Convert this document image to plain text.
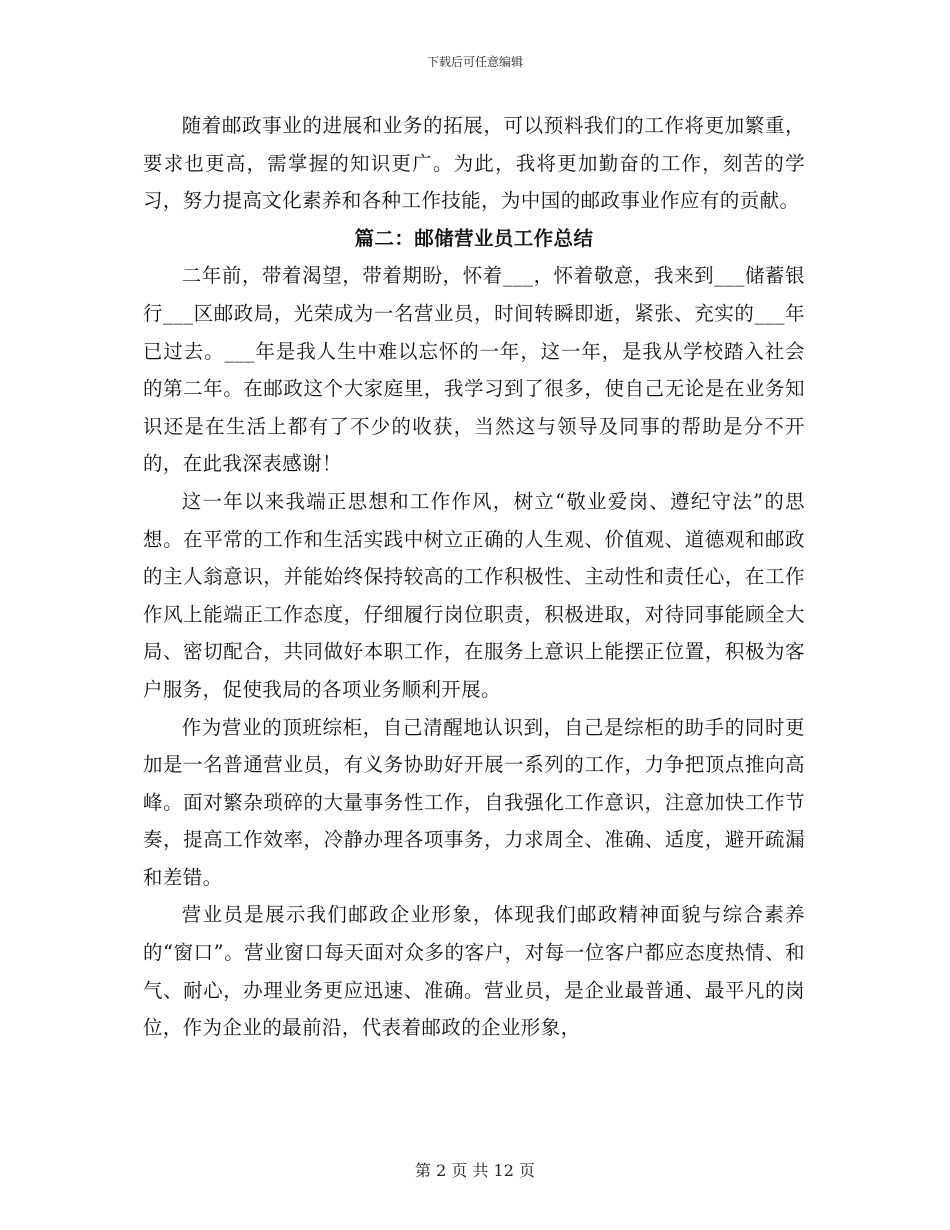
下载后可任意编辑

随着邮政事业的进展和业务的拓展，可以预料我们的工作将更加繁重，要求也更高，需掌握的知识更广。为此，我将更加勤奋的工作，刻苦的学习，努力提高文化素养和各种工作技能，为中国的邮政事业作应有的贡献。

篇二：邮储营业员工作总结

二年前，带着渴望，带着期盼，怀着___，怀着敬意，我来到___储蓄银行___区邮政局，光荣成为一名营业员，时间转瞬即逝，紧张、充实的___年已过去。___年是我人生中难以忘怀的一年，这一年，是我从学校踏入社会的第二年。在邮政这个大家庭里，我学习到了很多，使自己无论是在业务知识还是在生活上都有了不少的收获，当然这与领导及同事的帮助是分不开的，在此我深表感谢！

这一年以来我端正思想和工作作风，树立“敬业爱岗、遵纪守法”的思想。在平常的工作和生活实践中树立正确的人生观、价值观、道德观和邮政的主人翁意识，并能始终保持较高的工作积极性、主动性和责任心，在工作作风上能端正工作态度，仔细履行岗位职责，积极进取，对待同事能顾全大局、密切配合，共同做好本职工作，在服务上意识上能摆正位置，积极为客户服务，促使我局的各项业务顺利开展。

作为营业的顶班综柜，自己清醒地认识到，自己是综柜的助手的同时更加是一名普通营业员，有义务协助好开展一系列的工作，力争把顶点推向高峰。面对繁杂琐碎的大量事务性工作，自我强化工作意识，注意加快工作节奏，提高工作效率，冷静办理各项事务，力求周全、准确、适度，避开疏漏和差错。

营业员是展示我们邮政企业形象，体现我们邮政精神面貌与综合素养的“窗口”。营业窗口每天面对众多的客户，对每一位客户都应态度热情、和气、耐心，办理业务更应迅速、准确。营业员，是企业最普通、最平凡的岗位，作为企业的最前沿，代表着邮政的企业形象，

第 2 页 共 12 页
